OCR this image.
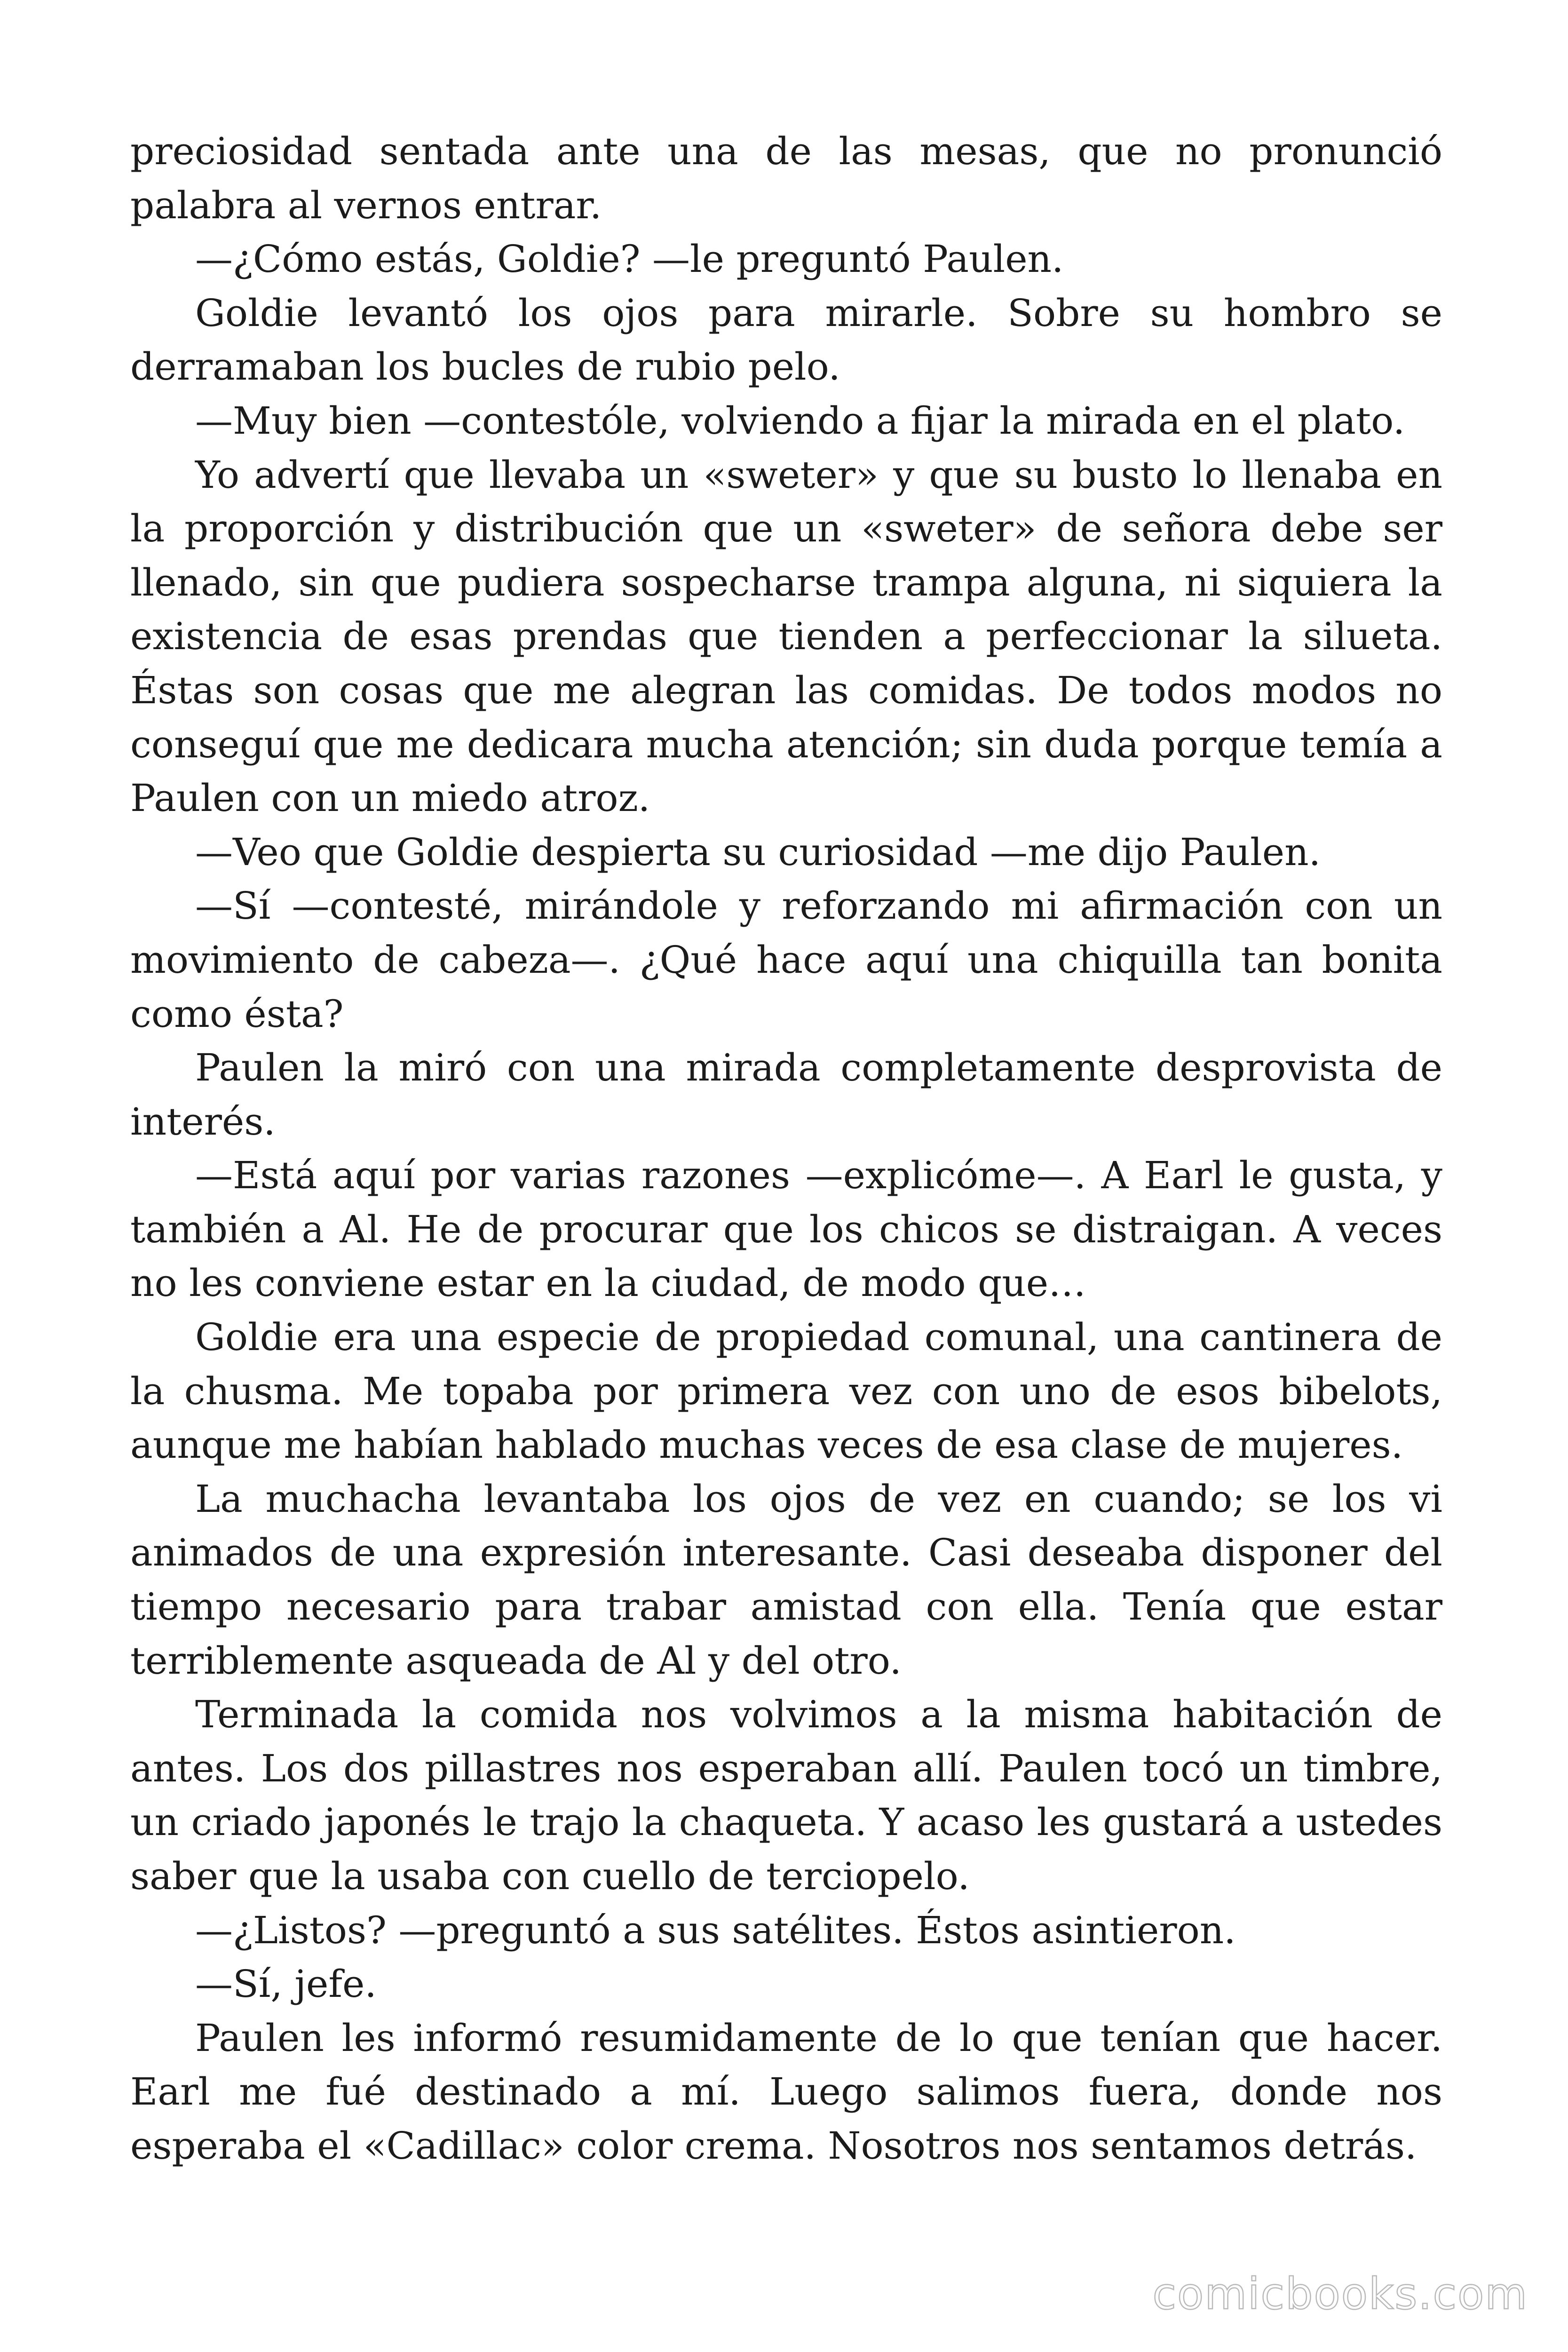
preciosidad sentada ante una de las mesas, que no pronunció palabra al vernos entrar.

—¿Cómo estás, Goldie? —le preguntó Paulen.

Goldie levantó los ojos para mirarle. Sobre su hombro se derramaban los bucles de rubio pelo.

—Muy bien —contestóle, volviendo a fijar la mirada en el plato.

Yo advertí que llevaba un «sweter» y que su busto lo llenaba en la proporción y distribución que un «sweter» de señora debe ser llenado, sin que pudiera sospecharse trampa alguna, ni siquiera la existencia de esas prendas que tienden a perfeccionar la silueta. Éstas son cosas que me alegran las comidas. De todos modos no conseguí que me dedicara mucha atención; sin duda porque temía a Paulen con un miedo atroz.

—Veo que Goldie despierta su curiosidad —me dijo Paulen.

—Sí —contesté, mirándole y reforzando mi afirmación con un movimiento de cabeza—. ¿Qué hace aquí una chiquilla tan bonita como ésta?

Paulen la miró con una mirada completamente desprovista de interés.

—Está aquí por varias razones —explicóme—. A Earl le gusta, y también a Al. He de procurar que los chicos se distraigan. A veces no les conviene estar en la ciudad, de modo que…

Goldie era una especie de propiedad comunal, una cantinera de la chusma. Me topaba por primera vez con uno de esos bibelots, aunque me habían hablado muchas veces de esa clase de mujeres.

La muchacha levantaba los ojos de vez en cuando; se los vi animados de una expresión interesante. Casi deseaba disponer del tiempo necesario para trabar amistad con ella. Tenía que estar terriblemente asqueada de Al y del otro.

Terminada la comida nos volvimos a la misma habitación de antes. Los dos pillastres nos esperaban allí. Paulen tocó un timbre, un criado japonés le trajo la chaqueta. Y acaso les gustará a ustedes saber que la usaba con cuello de terciopelo.

—¿Listos? —preguntó a sus satélites. Éstos asintieron.

—Sí, jefe.

Paulen les informó resumidamente de lo que tenían que hacer. Earl me fué destinado a mí. Luego salimos fuera, donde nos esperaba el «Cadillac» color crema. Nosotros nos sentamos detrás.

comicbooks.com
